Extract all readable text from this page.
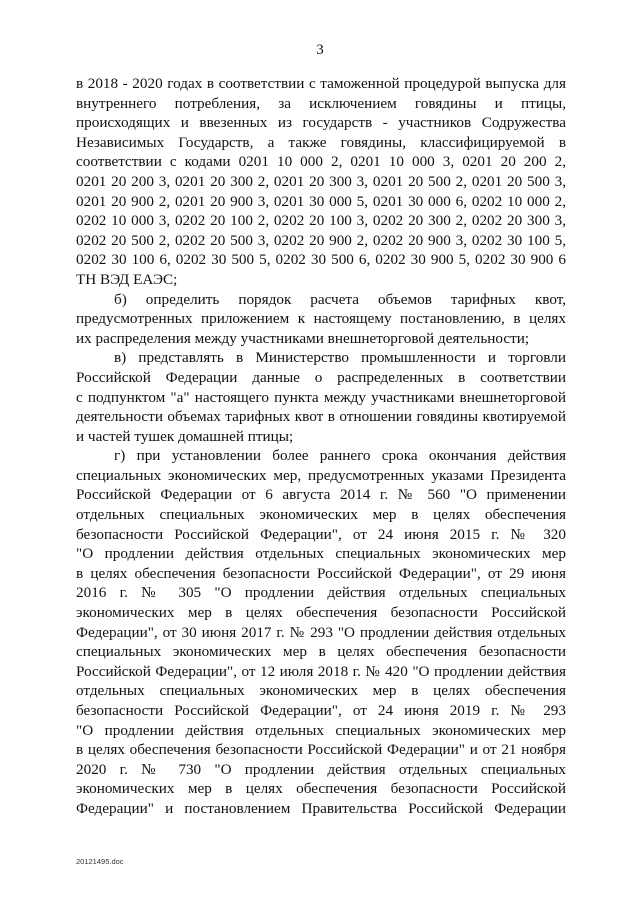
3
в 2018 - 2020 годах в соответствии с таможенной процедурой выпуска для
внутреннего потребления, за исключением говядины и птицы,
происходящих и ввезенных из государств - участников Содружества
Независимых Государств, а также говядины, классифицируемой в
соответствии с кодами 0201 10 000 2, 0201 10 000 3, 0201 20 200 2,
0201 20 200 3, 0201 20 300 2, 0201 20 300 3, 0201 20 500 2, 0201 20 500 3,
0201 20 900 2, 0201 20 900 3, 0201 30 000 5, 0201 30 000 6, 0202 10 000 2,
0202 10 000 3, 0202 20 100 2, 0202 20 100 3, 0202 20 300 2, 0202 20 300 3,
0202 20 500 2, 0202 20 500 3, 0202 20 900 2, 0202 20 900 3, 0202 30 100 5,
0202 30 100 6, 0202 30 500 5, 0202 30 500 6, 0202 30 900 5, 0202 30 900 6
ТН ВЭД ЕАЭС;
б) определить порядок расчета объемов тарифных квот,
предусмотренных приложением к настоящему постановлению, в целях
их распределения между участниками внешнеторговой деятельности;
в) представлять в Министерство промышленности и торговли
Российской Федерации данные о распределенных в соответствии
с подпунктом "а" настоящего пункта между участниками внешнеторговой
деятельности объемах тарифных квот в отношении говядины квотируемой
и частей тушек домашней птицы;
г) при установлении более раннего срока окончания действия
специальных экономических мер, предусмотренных указами Президента
Российской Федерации от 6 августа 2014 г. № 560 "О применении
отдельных специальных экономических мер в целях обеспечения
безопасности Российской Федерации", от 24 июня 2015 г. № 320
"О продлении действия отдельных специальных экономических мер
в целях обеспечения безопасности Российской Федерации", от 29 июня
2016 г. № 305 "О продлении действия отдельных специальных
экономических мер в целях обеспечения безопасности Российской
Федерации", от 30 июня 2017 г. № 293 "О продлении действия отдельных
специальных экономических мер в целях обеспечения безопасности
Российской Федерации", от 12 июля 2018 г. № 420 "О продлении действия
отдельных специальных экономических мер в целях обеспечения
безопасности Российской Федерации", от 24 июня 2019 г. № 293
"О продлении действия отдельных специальных экономических мер
в целях обеспечения безопасности Российской Федерации" и от 21 ноября
2020 г. № 730 "О продлении действия отдельных специальных
экономических мер в целях обеспечения безопасности Российской
Федерации" и постановлением Правительства Российской Федерации
20121495.doc
